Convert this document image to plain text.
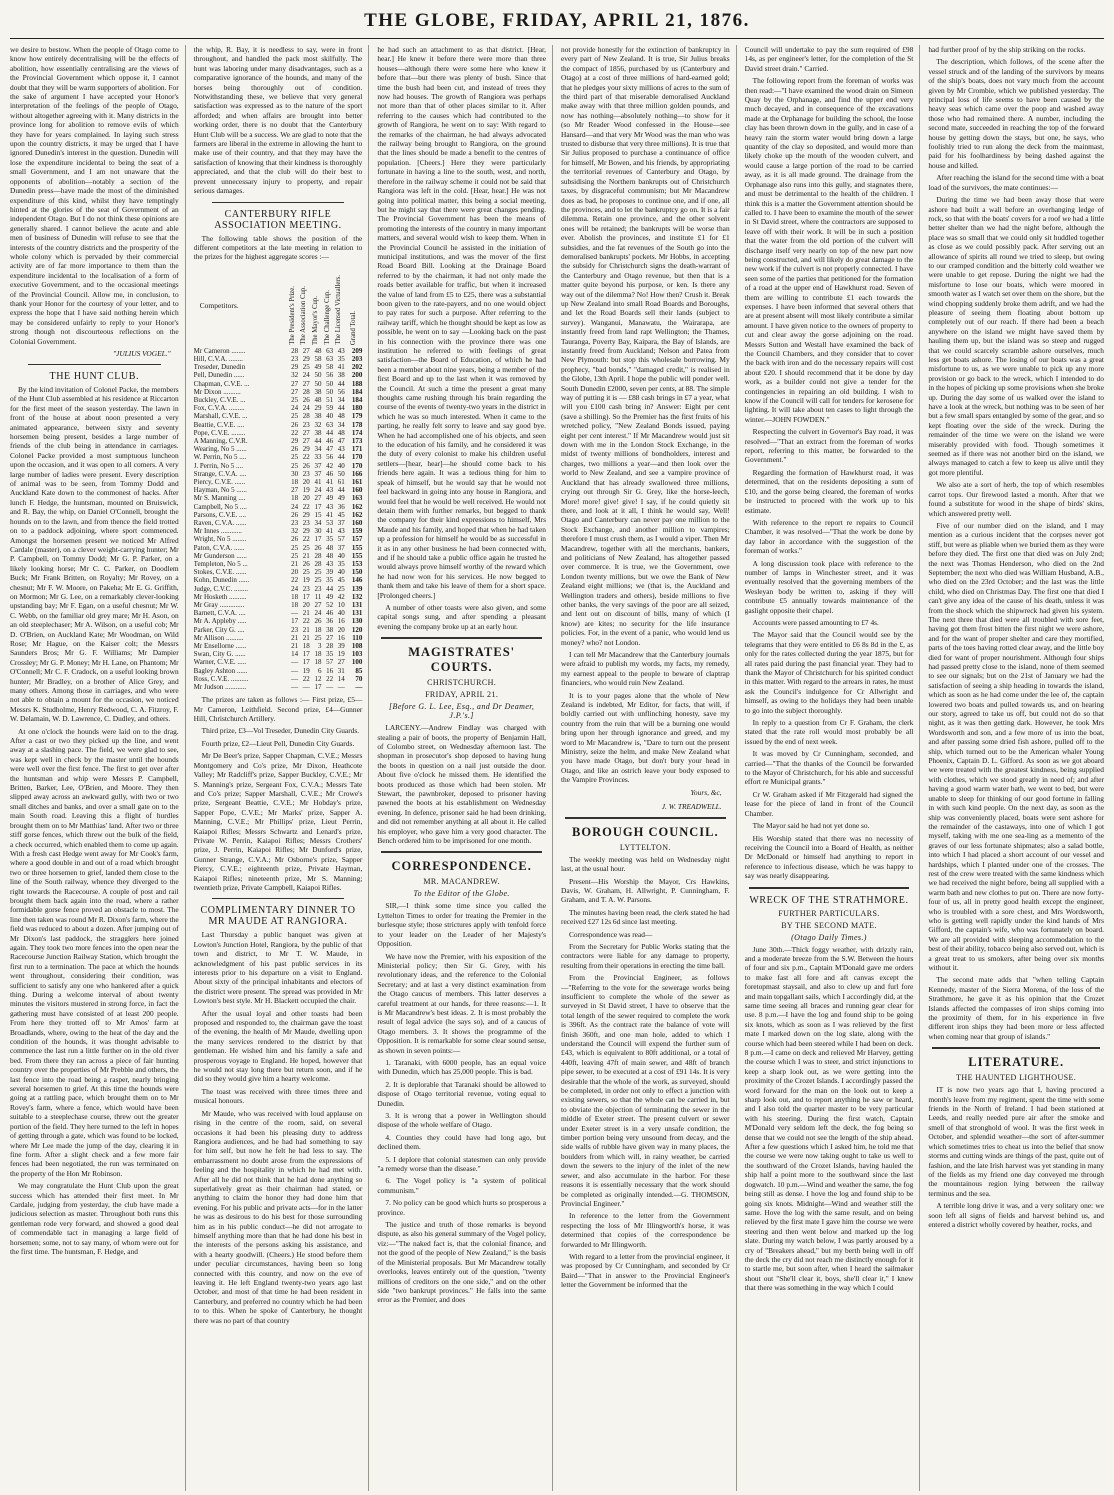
THE GLOBE, FRIDAY, APRIL 21, 1876.

we desire to bestow. When the people of Otago come to know how entirely decentralising will be the effects of abolition, how essentially centralising are the views of the Provincial Government which oppose it, I cannot doubt that they will be warm supporters of abolition. For the sake of argument I have accepted your Honor's interpretation of the feelings of the people of Otago, without altogether agreeing with it. Many districts in the province long for abolition to remove evils of which they have for years complained. In laying such stress upon the country districts, it may be urged that I have ignored Dunedin's interest in the question. Dunedin will lose the expenditure incidental to being the seat of a small Government, and I am not unaware that the opponents of abolition—notably a section of the Dunedin press—have made the most of the diminished expenditure of this kind, whilst they have temptingly hinted at the glories of the seat of Government of an independent Otago. But I do not think these opinions are generally shared. I cannot believe the acute and able men of business of Dunedin will refuse to see that the interests of the country districts and the prosperity of the whole colony which is pervaded by their commercial activity are of far more importance to them than the expenditure incidental to the localisation of a form of executive Government, and to the occasional meetings of the Provincial Council. Allow me, in conclusion, to thank your Honor for the courtesy of your letter, and to express the hope that I have said nothing herein which may be considered unfairly to reply to your Honor's strong though not discourteous reflections on the Colonial Government.

"JULIUS VOGEL."
THE HUNT CLUB.

By the kind invitation of Colonel Packe, the members of the Hunt Club assembled at his residence at Riccarton for the first meet of the season yesterday. The lawn in front of the house at about noon presented a very animated appearance, between sixty and seventy horsemen being present, besides a large number of friends of the club being in attendance in carriages. Colonel Packe provided a most sumptuous luncheon upon the occasion, and it was open to all comers. A very large number of ladies were present. Every description of animal was to be seen, from Tommy Dodd and Auckland Kate down to the commonest of hacks. After lunch F. Hedge, the huntsman, mounted on Bruiswick, and R. Bay, the whip, on Daniel O'Connell, brought the hounds on to the lawn, and from thence the field trotted on to a paddock adjoining, where sport commenced. Amongst the horsemen present we noticed Mr Alfred Cardale (master), on a clever weight-carrying hunter; Mr P. Campbell, on Tommy Dodd; Mr G. P. Parker, on a likely looking horse; Mr C. C. Parker, on Doodlem Buck; Mr Frank Britten, on Royalty; Mr Rovey, on a chesnut; Mr F. W. Moore, on Pakeha; Mr E. G. Griffith, on Mormon; Mr G. Lee, on a remarkably clever-looking upstanding bay; Mr F. Egan, on a useful chesnut; Mr W. C. Webb, on the familiar old grey mare; Mr H. Ason, on an old steeplechaser; Mr A. Wilson, on a useful cob; Mr D. O'Brien, on Auckland Kate; Mr Woodman, on Wild Rose; Mr Hague, on the Kaiser colt; the Messrs Saunders Bros; Mr G. F. Williams; Mr Dampier Crossley; Mr G. P. Money; Mr H. Lane, on Phantom; Mr O'Connell; Mr C. F. Cradock, on a useful looking brown hunter; Mr Bradley, on a brother of Alice Grey, and many others. Among those in carriages, and who were not able to obtain a mount for the occasion, we noticed Messrs K. Studholme, Henry Redwood, C. A. Fitzroy, F. W. Delamain, W. D. Lawrence, C. Dudley, and others.

At one o'clock the hounds were laid on to the drag. After a cast or two they picked up the line, and went away at a slashing pace. The field, we were glad to see, was kept well in check by the master until the hounds were well over the first fence. The first to get over after the huntsman and whip were Messrs P. Campbell, Britten, Barker, Lee, O'Brien, and Moore. They then slipped away across an awkward gully, with two or two small ditches and banks, and over a small gate on to the main South road. Leaving this a flight of hurdles brought them on to Mr Matthias' land. After two or three stiff gorse fences, which threw out the bulk of the field, a check occurred, which enabled them to come up again. With a fresh cast Hedge went away for Mr Cook's farm, where a good double in and out of a road which brought two or three horsemen to grief, landed them close to the line of the South railway, whence they diverged to the right towards the Racecourse. A couple of post and rail brought them back again into the road, where a rather formidable gorse fence proved an obstacle to most. The line then taken was round Mr R. Dixon's farm, where the field was reduced to about a dozen. After jumping out of Mr Dixon's last paddock, the stragglers here joined again. They took two more fences into the open near the Racecourse Junction Railway Station, which brought the first run to a termination. The pace at which the hounds went throughout, considering their condition, was sufficient to satisfy any one who hankered after a quick thing. During a welcome interval of about twenty minutes the visitors mustered in strong force, in fact the gathering must have consisted of at least 200 people. From here they trotted off to Mr Amos' farm at Broadlands, where, owing to the heat of the day and the condition of the hounds, it was thought advisable to commence the last run a little further on in the old river bed. From there they ran across a piece of fair hunting country over the properties of Mr Prebble and others, the last fence into the road being a rasper, nearly bringing several horsemen to grief. At this time the hounds were going at a rattling pace, which brought them on to Mr Rovey's farm, where a fence, which would have been suitable to a steeplechase course, threw out the greater portion of the field. They here turned to the left in hopes of getting through a gate, which was found to be locked, where Mr Lee made the jump of the day, clearing it in fine form. After a slight check and a few more fair fences had been negotiated, the run was terminated on the property of the Hon Mr Robinson.

We may congratulate the Hunt Club upon the great success which has attended their first meet. In Mr Cardale, judging from yesterday, the club have made a judicious selection as master. Throughout both runs this gentleman rode very forward, and showed a good deal of commendable tact in managing a large field of horsemen; some, not to say many, of whom were out for the first time. The huntsman, F. Hedge, and

the whip, R. Bay, it is needless to say, were in front throughout, and handled the pack most skilfully. The hunt was laboring under many disadvantages, such as a comparative ignorance of the hounds, and many of the horses being thoroughly out of condition. Notwithstanding these, we believe that very general satisfaction was expressed as to the nature of the sport afforded; and when affairs are brought into better working order, there is no doubt that the Canterbury Hunt Club will be a success. We are glad to note that the farmers are liberal in the extreme in allowing the hunt to make use of their country, and that they may have the satisfaction of knowing that their kindness is thoroughly appreciated, and that the club will do their best to prevent unnecessary injury to property, and repair serious damages.

CANTERBURY RIFLE ASSOCIATION MEETING.

The following table shows the position of the different competitors at the late meeting in relation to the prizes for the highest aggregate scores :—

Competitors.	The President's Prize.	The Association Cup.	The Mayor's Cup.	The Challenge Cup.	The Licensed Victuallers.	Grand Total.
Mr Cameron ........	28	27	48	63	43	209
Hill, C.V.A. ........	23	29	58	63	35	203
Treseder, Dunedin	29	25	49	58	41	202
Pell, Dunedin ......	32	24	50	56	38	200
Chapman, C.V.E. ...	27	27	50	50	44	188
Mr Dixon ..........	27	28	38	50	56	184
Buckley, C.V.E. ...	25	26	48	51	34	184
Fox, C.V.A. .........	24	24	29	59	44	180
Marshall, C.V.E. ...	25	28	38	40	48	179
Beattie, C.V.E. ....	26	23	32	63	34	178
Pope, C.V.E. ........	22	27	38	44	48	174
A Manning, C.V.R.	29	27	44	46	47	173
Wearing, No 5 ......	26	29	34	47	43	171
W. Perrin, No 5 ....	25	22	33	56	44	170
J. Perrin, No 5 ....	25	26	37	42	40	170
Strange, C.V.A. ....	30	23	37	46	50	166
Piercy, C.V.E. ......	18	20	41	41	61	161
Hayman, No 5 ......	27	19	24	43	44	160
Mr S. Manning ....	18	20	27	49	49	163
Campbell, No 5 ....	24	22	17	43	36	162
Parsons, C.V.E. ....	26	29	15	41	45	162
Raven, C.V.A. ......	23	23	34	53	37	160
Mr Innes ............	32	29	30	41	43	159
Wright, No 5 ........	26	22	17	35	57	157
Paton, C.V.A. ......	25	25	26	48	37	155
Mr Gunderson ......	25	21	28	48	40	155
Templeton, No 5 ...	21	26	28	43	35	153
Stokes, C.V.E. ......	20	25	25	39	40	150
Kohn, Dunedin ......	22	19	25	35	45	146
Judge, C.V.C. ........	24	23	23	44	25	139
Mr Hosketh ..........	18	17	11	49	42	132
Mr Gray ..............	18	20	27	52	10	131
Barnett, C.V.A. ....	—	21	24	46	40	131
Mr A. Appleby .....	17	22	26	36	16	130
Parker, City G. ....	23	21	18	38	20	120
Mr Allison ..........	21	21	25	27	16	110
Mr Ensellorne ......	21	18	3	28	39	108
Swan, City G. ......	14	17	18	35	19	103
Warner, C.V.E. .....	—	17	18	57	27	100
Bagley Ashton ......	—	19	6	16	31	85
Ross, C.V.E. ..........	—	22	12	22	14	70
Mr Judson ............	—	—	17	—	—	—

The prizes are taken as follows :— First prize, £5—Mr Cameron, Leithfield. Second prize, £4—Gunner Hill, Christchurch Artillery.

Third prize, £3—Vol Treseder, Dunedin City Guards.

Fourth prize, £2—Lieut Pell, Dunedin City Guards.

Mr De Beer's prize, Sapper Chapman, C.V.E.; Messrs Montgomery and Co's prize, Mr Dixon, Heathcote Valley; Mr Radcliff's prize, Sapper Buckley, C.V.E.; Mr S. Manning's prize, Sergeant Fox, C.V.A.; Messrs Tate and Co's prize; Sapper Marshall, C.V.E.; Mr Crowe's prize, Sergeant Beattie, C.V.E.; Mr Hobday's prize, Sapper Pope, C.V.E.; Mr Marks' prize, Sapper A. Manning, C.V.E.; Mr Phillips' prize, Lieut Perrin, Kaiapoi Rifles; Messrs Schwartz and Lenard's prize, Private W. Perrin, Kaiapoi Rifles; Messrs Crothers' prize, J. Perrin, Kaiapoi Rifles; Mr Dunford's prize, Gunner Strange, C.V.A.; Mr Osborne's prize, Sapper Piercy, C.V.E.; eighteenth prize, Private Hayman, Kaiapoi Rifles; nineteenth prize, Mr S. Manning; twentieth prize, Private Campbell, Kaiapoi Rifles.

COMPLIMENTARY DINNER TO MR MAUDE AT RANGIORA.

Last Thursday a public banquet was given at Lowton's Junction Hotel, Rangiora, by the public of that town and district, to Mr T. W. Maude, in acknowledgment of his past public services in its interests prior to his departure on a visit to England. About sixty of the principal inhabitants and electors of the district were present. The spread was provided in Mr Lowton's best style. Mr H. Blackett occupied the chair.

After the usual loyal and other toasts had been proposed and responded to, the chairman gave the toast of the evening, the health of Mr Maude, dwelling upon the many services rendered to the district by that gentleman. He wished him and his family a safe and prosperous voyage to England. He hoped, however that he would not stay long there but return soon, and if he did so they would give him a hearty welcome.

The toast was received with three times three and musical honours.

Mr Maude, who was received with loud applause on rising in the centre of the room, said, on several occasions it had been his pleasing duty to address Rangiora audiences, and he had had something to say for him self, but now he felt he had less to say. The embarrassment no doubt arose from the expressions of feeling and the hospitality in which he had met with. After all he did not think that he had done anything so superlatively great as their chairman had stated, or anything to claim the honor they had done him that evening. For his public and private acts—for in the latter he was as desirous to do his best for those surrounding him as in his public conduct—he did not arrogate to himself anything more than that he had done his best in the interests of the persons asking his assistance, and with a hearty goodwill. (Cheers.) He stood before them under peculiar circumstances, having been so long connected with this country, and now on the eve of leaving it. He left England twenty-two years ago last October, and most of that time he had been resident in Canterbury, and preferred no country which he had been to to this. When he spoke of Canterbury, he thought there was no part of that country

he had such an attachment to as that district. [Hear, hear.] He knew it before there were more than three houses—although there were some here who knew it before that—but there was plenty of bush. Since that time the bush had been cut, and instead of trees they now had houses. The growth of Rangiora was perhaps not more than that of other places similar to it. After referring to the causes which had contributed to the growth of Rangiora, he went on to say: With regard to the remarks of the chairman, he had always advocated the railway being brought to Rangiora, on the ground that the lines should be made a benefit to the centres of population. [Cheers.] Here they were particularly fortunate in having a line to the south, west, and north, therefore in the railway scheme it could not be said that Rangiora was left in the cold. [Hear, hear.] He was not going into political matter, this being a social meeting, but he might say that there were great changes pending. The Provincial Government has been the means of promoting the interests of the country in many important matters, and several would wish to keep them. When in the Provincial Council he assisted in the initiation of municipal institutions, and was the mover of the first Road Board Bill. Looking at the Drainage Board referred to by the chairman, it had not only made the roads better available for traffic, but when it increased the value of land from £5 to £25, there was a substantial boon given to the rate-payers, and no one would object to pay rates for such a purpose. After referring to the railway tariff, which he thought should be kept as low as possible, he went on to say —Looking back on the past in his connection with the province there was one institution he referred to with feelings of great satisfaction—the Board of Education, of which he had been a member about nine years, being a member of the first Board and up to the last when it was removed by the Council. At such a time the present a great many thoughts came rushing through his brain regarding the course of the events of twenty-two years in the district in which he was so much interested. When it came to the parting, he really felt sorry to leave and say good bye. When he had accomplished one of his objects, and seen to the education of his family, and he considered it was the duty of every colonist to make his children useful settlers—[hear, hear]—he should come back to his friends here again. It was a tedious thing for him to speak of himself, but he would say that he would not feel backward in going into any house in Rangiora, and would feel that he would be well received. He would not detain them with further remarks, but begged to thank the company for their kind expressions to himself, Mrs Maude and his family, and hoped that when he had taken up a profession for himself he would be as successful in it as in any other business he had been connected with, and if he should take a public office again he trusted he would always prove himself worthy of the reward which he had now won for his services. He now begged to thank them and take his leave of them for a short space. [Prolonged cheers.]

A number of other toasts were also given, and some capital songs sung, and after spending a pleasant evening the company broke up at an early hour.

MAGISTRATES' COURTS.
CHRISTCHURCH.
FRIDAY, APRIL 21.
[Before G. L. Lee, Esq., and Dr Deamer, J.P.'s.]

LARCENY.—Andrew Findlay was charged with stealing a pair of boots, the property of Benjamin Hall, of Colombo street, on Wednesday afternoon last. The shopman in prosecutor's shop deposed to having hung the boots in question on a nail just outside the door. About five o'clock he missed them. He identified the boots produced as those which had been stolen. Mr Stewart, the pawnbroker, deposed to prisoner having pawned the boots at his establishment on Wednesday evening. In defence, prisoner said he had been drinking, and did not remember anything at all about it. He called his employer, who gave him a very good character. The Bench ordered him to be imprisoned for one month.

CORRESPONDENCE.
MR. MACANDREW.
To the Editor of the Globe.

SIR,—I think some time since you called the Lyttelton Times to order for treating the Premier in the burlesque style; those strictures apply with tenfold force to your leader on the Leader of her Majesty's Opposition.

We have now the Premier, with his exposition of the Ministerial policy; then Sir G. Grey, with his revolutionary ideas, and the reference to the Colonial Secretary; and at last a very distinct examination from the Otago caucus of members. This latter deserves a careful treatment at our hands, for three reasons:—1. It is Mr Macandrew's best ideas. 2. It is most probably the result of legal advice (he says so), and of a caucus of Otago members. 3. It shows the programme of the Opposition. It is remarkable for some clear sound sense, as shown in seven points:—

1. Taranaki, with 6000 people, has an equal voice with Dunedin, which has 25,000 people. This is bad.

2. It is deplorable that Taranaki should be allowed to dispose of Otago territorial revenue, voting equal to Dunedin.

3. It is wrong that a power in Wellington should dispose of the whole welfare of Otago.

4. Counties they could have had long ago, but declined them.

5. I deplore that colonial statesmen can only provide "a remedy worse than the disease."

6. The Vogel policy is "a system of political communism."

7. No policy can be good which hurts so prosperous a province.

The justice and truth of those remarks is beyond dispute, as also his general summary of the Vogel policy, viz:—"The naked fact is, that the colonial finance, and not the good of the people of New Zealand," is the basis of the Ministerial proposals. But Mr Macandrew totally overlooks, leaves entirely out of the question, "twenty millions of creditors on the one side," and on the other side "two bankrupt provinces." He falls into the same error as the Premier, and does

not provide honestly for the extinction of bankruptcy in every part of New Zealand. It is true, Sir Julius breaks the compact of 1856, purchased by us (Canterbury and Otago) at a cost of three millions of hard-earned gold; that he pledges your sixty millions of acres to the sum of the third part of that miserable demoralised Auckland make away with that three million golden pounds, and now has nothing—absolutely nothing—to show for it (so Mr Reader Wood confessed in the House—see Hansard—and that very Mr Wood was the man who was trusted to disburse that very three millions). It is true that Sir Julius proposed to purchase a continuance of office for himself, Mr Bowen, and his friends, by appropriating the territorial revenues of Canterbury and Otago, by subsidising the Northern bankrupts out of Christchurch taxes, by disgraceful communism; but Mr Macandrew does as bad, he proposes to continue one, and if one, all the provinces, and to let the bankruptcy go on. It is a fair dilemma. Retain one province, and the other solvent ones will be retained; the bankrupts will be worse than ever. Abolish the provinces, and institute £1 for £1 subsidies, and the fat revenues of the South go into the demoralised bankrupts' pockets. Mr Hobbs, in accepting the subsidy for Christchurch signs the death-warrant of the Canterbury and Otago revenue, but then that is a matter quite beyond his purpose, or ken. Is there any way out of the dilemma? No! How then? Crush it. Break up New Zealand into small Road Boards and Boroughs, and let the Road Boards sell their lands (subject to survey). Wanganui, Manawatu, the Wairarapa, are instantly freed from land rapt Wellington; the Thames, Tauranga, Poverty Bay, Kaipara, the Bay of Islands, are instantly freed from Auckland; Nelson and Patea from New Plymouth: but stop this wholesale borrowing. My prophecy, "bad bonds," "damaged credit," is realised in the Globe, 13th April. I hope the public will ponder well. South Dunedin £2000, seven per cents, at 88. The simple way of putting it is — £88 cash brings in £7 a year, what will you £100 cash bring in? Answer: Eight per cent (save a shilling). So the Premier has the first fruits of his wretched policy, "New Zealand Bonds issued, paying eight per cent interest." If Mr Macandrew would just sit down with me in the London Stock Exchange, in the midst of twenty millions of bondholders, interest and charges, two millions a year—and then look over the world to New Zealand, and see a vampire province of Auckland that has already swallowed three millions, crying out through Sir G. Grey, like the horse-leech, More! more! give! give! I say, if he could quietly sit there, and look at it all, I think he would say, Well! Otago and Canterbury can never pay one million to the Stock Exchange, and another million to vampires; therefore I must crush them, as I would a viper. Then Mr Macandrew, together with all the merchants, bankers, and politicians of New Zealand, has altogether passed over commerce. It is true, we the Government, owe London twenty millions, but we owe the Bank of New Zealand eight millions; we (that is, the Auckland and Wellington traders and others), beside millions to five other banks, the very savings of the poor are all seized, and lent out on discount of bills, many of which (I know) are kites; no security for the life insurance policies. For, in the event of a panic, who would lend us money? who? not London.

I can tell Mr Macandrew that the Canterbury journals were afraid to publish my words, my facts, my remedy, my earnest appeal to the people to beware of claptrap financiers, who would ruin New Zealand.

It is to your pages alone that the whole of New Zealand is indebted, Mr Editor, for facts, that will, if boldly carried out with unflinching honesty, save my country from the ruin that will be a burning one would bring upon her through ignorance and greed, and my word to Mr Macandrew is, "Dare to turn out the present Ministry, seize the helm, and make New Zealand what you have made Otago, but don't bury your head in Otago, and like an ostrich leave your body exposed to the Vampire Provinces.

Yours, &c,
J. W. TREADWELL.
BOROUGH COUNCIL.
LYTTELTON.

The weekly meeting was held on Wednesday night last, at the usual hour.

Present—His Worship the Mayor, Crs Hawkins, Davis, W. Graham, H. Allwright, P. Cunningham, F. Graham, and T. A. W. Parsons.

The minutes having been read, the clerk stated he had received £27 12s 6d since last meeting.

Correspondence was read—

From the Secretary for Public Works stating that the contractors were liable for any damage to property, resulting from their operations in erecting the time ball.

From the Provincial Engineer, as follows —"Referring to the vote for the sewerage works being insufficient to complete the whole of the sewer as surveyed in St David street, I have to observe that the total length of the sewer required to complete the work is 396ft. As the contract rate the balance of vote will finish 360ft, and one man hole, added to which I understand the Council will expend the further sum of £43, which is equivalent to 80ft additional, or a total of 440ft, leaving 47ft of main sewer, and 48ft of branch pipe sewer, to be executed at a cost of £91 14s. It is very desirable that the whole of the work, as surveyed, should be completed, in order not only to effect a junction with existing sewers, so that the whole can be carried in, but to obviate the objection of terminating the sewer in the middle of Exeter street. The present culvert or sewer under Exeter street is in a very unsafe condition, the timber portion being very unsound from decay, and the side walls of rubble have given way in many places, the boulders from which will, in rainy weather, be carried down the sewers to the injury of the inlet of the new sewer, and also accumulate in the harbor. For these reasons it is essentially necessary that the work should be completed as originally intended.—G. THOMSON, Provincial Engineer."

In reference to the letter from the Government respecting the loss of Mr Illingworth's horse, it was determined that copies of the correspondence be forwarded to Mr Illingworth.

With regard to a letter from the provincial engineer, it was proposed by Cr Cunningham, and seconded by Cr Baird—"That in answer to the Provincial Engineer's letter the Government be informed that the

Council will undertake to pay the sum required of £98 14s, as per engineer's letter, for the completion of the St David street drain." Carried.

The following report from the foreman of works was then read:—"I have examined the wood drain on Simeon Quay by the Orphanage, and find the upper end very much decayed, and in consequence of the excavations made at the Orphanage for building the school, the loose clay has been thrown down in the gully, and in case of a heavy rain the storm water would bring down a large quantity of the clay so deposited, and would more than likely choke up the mouth of the wooden culvert, and would cause a large portion of the road to be carried away, as it is all made ground. The drainage from the Orphanage also runs into this gully, and stagnates there, and must be detrimental to the health of the children. I think this is a matter the Government attention should be called to. I have been to examine the mouth of the sewer in St David street, where the contractors are supposed to leave off with their work. It will be in such a position that the water from the old portion of the culvert will discharge itself very nearly on top of the new part now being constructed, and will likely do great damage to the new work if the culvert is not properly connected. I have seen some of the parties that petitioned for the formation of a road at the upper end of Hawkhurst road. Seven of them are willing to contribute £1 each towards the expenses. I have been informed that several others that are at present absent will most likely contribute a similar amount. I have given notice to the owners of property to cut and clear away the gorse adjoining on the road. Messrs Sutton and Westall have examined the back of the Council Chambers, and they consider that to cover the back with iron and do the necessary repairs will cost about £20. I should recommend that it be done by day work, as a builder could not give a tender for the contingencies in repairing an old building. I wish to know if the Council will call for tenders for kerosene for lighting. It will take about ten cases to light through the winter.—JOHN FOWDEN."

Respecting the culvert in Governor's Bay road, it was resolved—"That an extract from the foreman of works report, referring to this matter, be forwarded to the Government."

Regarding the formation of Hawkhurst road, it was determined, that on the residents depositing a sum of £10, and the gorse being cleared, the foreman of works be instructed to proceed with the work up to his estimate.

With reference to the report re repairs to Council Chamber, it was resolved—"That the work be done by day labor in accordance with the suggestion of the foreman of works."

A long discussion took place with reference to the number of lamps in Winchester street, and it was eventually resolved that the governing members of the Wesleyan body be written to, asking if they will contribute £5 annually towards maintenance of the gaslight opposite their chapel.

Accounts were passed amounting to £7 4s.

The Mayor said that the Council would see by the telegrams that they were entitled to £6 8s 8d in the £, as only for the rates collected during the year 1875, but for all rates paid during the past financial year. They had to thank the Mayor of Christchurch for his spirited conduct in this matter. With regard to the arrears in rates, he must ask the Council's indulgence for Cr Allwright and himself, as owing to the holidays they had been unable to go into the subject thoroughly.

In reply to a question from Cr F. Graham, the clerk stated that the rate roll would most probably be all issued by the end of next week.

It was moved by Cr Cunningham, seconded, and carried—"That the thanks of the Council be forwarded to the Mayor of Christchurch, for his able and successful effort re Municipal grants."

Cr W. Graham asked if Mr Fitzgerald had signed the lease for the piece of land in front of the Council Chamber.

The Mayor said he had not yet done so.

His Worship stated that there was no necessity of receiving the Council into a Board of Health, as neither Dr McDonald or himself had anything to report in reference to infectious disease, which he was happy to say was nearly disappearing.

WRECK OF THE STRATHMORE.
FURTHER PARTICULARS.
BY THE SECOND MATE.
(Otago Daily Times.)

June 30th.—Thick foggy weather, with drizzly rain, and a moderate breeze from the S.W. Between the hours of four and six p.m., Captain M'Donald gave me orders to make fast all fore and aft canvas except the foretopmast staysail, and also to clew up and furl fore and main topgallant sails, which I accordingly did, at the same time seeing all braces and running gear clear for use. 8 p.m.—I have the log and found ship to be going six knots, which as soon as I was relieved by the first mate I marked down on the log slate, along with the course which had been steered while I had been on deck. 8 p.m.—I came on deck and relieved Mr Harvey, getting the course which I was to steer, and strict injunctions to keep a sharp look out, as we were getting into the proximity of the Crozet Islands. I accordingly passed the word forward for the man on the look out to keep a sharp look out, and to report anything he saw or heard, and I also told the quarter master to be very particular with his steering. During the first watch, Captain M'Donald very seldom left the deck, the fog being so dense that we could not see the length of the ship ahead. After a few questions which I asked him, he told me that the course we were now taking ought to take us well to the southward of the Crozet Islands, having hauled the ship half a point more to the southward since the last dogwatch. 10 p.m.—Wind and weather the same, the fog being still as dense. I hove the log and found ship to be going six knots. Midnight—Wind and weather still the same. Hove the log with the same result, and on being relieved by the first mate I gave him the course we were steering and then went below and marked up the log slate. During my watch below, I was partly aroused by a cry of "Breakers ahead," but my berth being well in off the deck the cry did not reach me distinctly enough for it to startle me, but soon after, when I heard the sailmaker shout out "She'll clear it, boys, she'll clear it," I knew that there was something in the way which I could

had further proof of by the ship striking on the rocks.

The description, which follows, of the scene after the vessel struck and of the landing of the survivors by means of the ship's boats, does not vary much from the account given by Mr Crombie, which we published yesterday. The principal loss of life seems to have been caused by the heavy seas which came over the poop and washed away those who had remained there. A number, including the second mate, succeeded in reaching the top of the forward house by getting down the stays, but one, he says, who foolishly tried to run along the deck from the mainmast, paid for his foolhardiness by being dashed against the house and killed.

After reaching the island for the second time with a boat load of the survivors, the mate continues:—

During the time we had been away those that were ashore had built a wall before an overhanging ledge of rock, so that with the boats' covers for a roof we had a little better shelter than we had the night before, although the place was so small that we could only sit huddled together as close as we could possibly pack. After serving out an allowance of spirits all round we tried to sleep, but owing to our cramped condition and the bitterly cold weather we were unable to get repose. During the night we had the misfortune to lose our boats, which were moored in smooth water as I watch set over them on the shore, but the wind chopping suddenly broke them adrift, and we had the pleasure of seeing them floating about bottom up completely out of our reach. If there had been a beach anywhere on the island we might have saved them by hauling them up, but the island was so steep and rugged that we could scarcely scramble ashore ourselves, much less get boats ashore. The losing of our boats was a great misfortune to us, as we were unable to pick up any more provision or go back to the wreck, which I intended to do in the hopes of picking up some provisions when she broke up. During the day some of us walked over the island to have a look at the wreck, but nothing was to be seen of her but a few small spars entangled by some of the gear, and so kept floating over the side of the wreck. During the remainder of the time we were on the island we were miserably provided with food. Though sometimes it seemed as if there was not another bird on the island, we always managed to catch a few to keep us alive until they got more plentiful.

We also ate a sort of herb, the top of which resembles carrot tops. Our firewood lasted a month. After that we found a substitute for wood in the shape of birds' skins, which answered pretty well.

Five of our number died on the island, and I may mention as a curious incident that the corpses never got stiff, but were as pliable when we buried them as they were before they died. The first one that died was on July 2nd; the next was Thomas Henderson, who died on the 2nd September; the next who died was William Husband, A.B., who died on the 23rd October; and the last was the little child, who died on Christmas Day. The first one that died I can't give any idea of the cause of his death, unless it was from the shock which the shipwreck had given his system. The next three that died were all troubled with sore feet, having got them frost bitten the first night we were ashore, and for the want of proper shelter and care they mortified, parts of the toes having rotted clear away, and the little boy died for want of proper nourishment. Although four ships had passed pretty close to the island, none of them seemed to see our signals; but on the 21st of January we had the satisfaction of seeing a ship heading in towards the island, which as soon as he had come under the lee of, the captain lowered two boats and pulled towards us, and on hearing our story, agreed to take us off, but could not do so that night, as it was then getting dark. However, he took Mrs Wordsworth and son, and a few more of us into the boat, and after passing some dried fish ashore, pulled off to the ship, which turned out to be the American whaler Young Phoenix, Captain D. L. Gifford. As soon as we got aboard we were treated with the greatest kindness, being supplied with clothes, which we stood greatly in need of; and after having a good warm water bath, we went to bed, but were unable to sleep for thinking of our good fortune in falling in with such kind people. On the next day, as soon as the ship was conveniently placed, boats were sent ashore for the remainder of the castaways, into one of which I got myself, taking with me one sea-ling as a memento of the graves of our less fortunate shipmates; also a salad bottle, into which I had placed a short account of our vessel and hardships, which I planted under one of the crosses. The rest of the crew were treated with the same kindness which we had received the night before, being all supplied with a warm bath and new clothes to put on. There are now forty-four of us, all in pretty good health except the engineer, who is troubled with a sore chest, and Mrs Wordsworth, who is getting well rapidly under the kind hands of Mrs Gifford, the captain's wife, who was fortunately on board. We are all provided with sleeping accommodation to the best of their ability, tobacco being also served out, which is a great treat to us smokers, after being over six months without it.

The second mate adds that "when telling Captain Kennedy, master of the Sierra Morena, of the loss of the Strathmore, he gave it as his opinion that the Crozet Islands affected the compasses of iron ships coming into the proximity of them, for in his experience in five different iron ships they had been more or less affected when coming near that group of islands."

LITERATURE.
THE HAUNTED LIGHTHOUSE.

IT is now two years ago that I, having procured a month's leave from my regiment, spent the time with some friends in the North of Ireland. I had been stationed at Leeds, and really needed pure air after the smoke and smell of that stronghold of wool. It was the first week in October, and splendid weather—the sort of after-summer which sometimes tries to cheat us into the belief that snow storms and cutting winds are things of the past, quite out of fashion, and the late Irish harvest was yet standing in many of the fields as my friend one day conveyed me through the mountainous region lying between the railway terminus and the sea.

A terrible long drive it was, and a very solitary one: we soon left all signs of fields and harvest behind us, and entered a district wholly covered by heather, rocks, and
